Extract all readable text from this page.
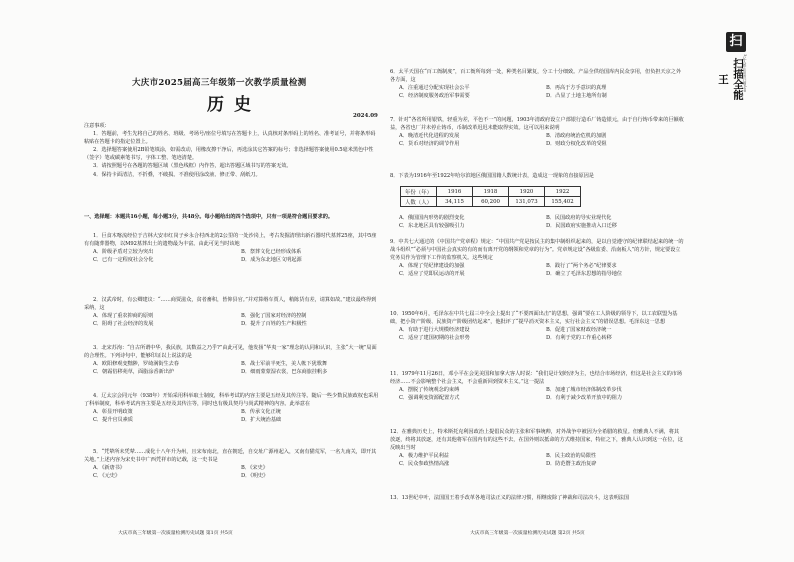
大庆市2025届高三年级第一次教学质量检测
历史
2024.09
注意事项：

1．答题前，考生先将自己的姓名、班级、考场号/座位号填写在答题卡上，认真核对条形码上的姓名、准考证号，并将条形码粘贴在答题卡的指定位置上。

2．选择题答案使用2B铅笔填涂，如需改动，用橡皮擦干净后，再选涂其它答案的标号；非选择题答案使用0.5毫米黑色中性（签字）笔或碳素笔书写，字体工整、笔迹清楚。

3．请按照题号在各题的答题区域（黑色线框）内作答，超出答题区域书写的答案无效。

4．保持卡面清洁，不折叠，不破损。不准使用涂改液、修正带、刮纸刀。

一、选择题：本题共16小题，每小题3分，共48分。每小题给出的四个选项中，只有一项是符合题目要求的。

1．巨食木喀流经位于吉林大安市红岗子乡永合村西北的2公里的一处沙岗上，考古发掘清理出新石器时代墓葬25座，其中5座有有随葬器物，以M92墓葬出土的遗物最为丰富。由此可见当时该地

A．阶级矛盾对立较为突出	B．祭葬文化已经形成体系
C．已有一定程度社会分化	D．成为东北地区文明起源

2．汉武帝时，有公卿建议：“……商贾滋众，贫者畜积，皆仰县官。”并对算缗车贾人，稍陈货有差，请算如故。”建议最终得到采纳，这

A．体现了重农抑商的原则	B．强化了国家对经济的控制
C．阻碍了社会经济的发展	D．提升了百姓的生产积极性

3．北宋苏洵：“自古所谓中华，我民族，其数益之乃乎?”由此可见，他发扬“华夷一家”理念的认同和认识，主张“大一统”局面的合理性。下列诗句中，能够印证以上说法的是

A．欧阳修观变黜陟，罗绮满街生去春	B．战士军前半死生，美人帐下犹歌舞
C．朝霜俗移苑草，面脂涂香新出炉	D．细雨蒙蒙湿衣裳，巴东商旅挂帆多

4．辽太宗会同元年（938年）开始采用科举取士制度，科举考试的内容主要是五经及其传注等。随后一些少数民族政权也采用了科举制度，科举考试内容主要是五经及其传注等，同时也有极具契丹与尚武精神的内容。此举意在

A．彰显开明政策	B．传承文化正统
C．提升官员素质	D．扩大统治基础

5．“凭辇所未凭辇……成化十八年升为州，且宋布南北，直在朝廷，自交址广源州起入，又南有猫荒军，一名九南关，即开其关地。”上述内容为宋史书中广西凭祥市的记载，这一史书是

A．《新唐书》	B．《宋史》
C．《元史》	D．《明史》

6．太平天国在“百工衙制度”，百工衙所每到一处，种类名目繁复，分工十分细致。产品全供给国库内民众享用，但负担天京之外各方面，这

A．注重通过分配实现社会公平	B．再高于方手意识的真理
C．经济制度服务政治军事需要	D．凸显了土地主地所有制

7．针对“各省所用银铁，轻重为差，平色不一”的问题，1903年清政府设立户部银行造币厂铸造银元，由于自行铸币带来的巨额收益，各省也厂并未停止铸币，币制改革迟迟未能取得实效。这可以用来说明

A．晚清近代化进程的发展	B．清政府统治危机的加剧
C．货币对经济的调节作用	D．财政分权化改革的受阻

8．下表为1916年至1922年哈尔滨地区俄国国籍人数统计表，造成这一现象的直接原因是

年份（年）	1916	1918	1920	1922
人数（人）	34,115	60,200	131,073	155,402
A．俄国国内形势的剧烈变化	B．民国政府的导实业现代化
C．东北地区具有较强吸引力	D．民国政府实施推动入口迁移

9．中共七大通过的《中国共产党章程》规定：“中国共产党是按民主的集中制组织起来的，是以自觉遵守的纪律联结起来的统一的战斗组织”“必须与中国社会真实的有的而有离开党的纲领和党章的行为”。党章规定设“各级监委、沿南板人”的方针，规定要设立党务员作为管理下工作的监察机关。这些规定

A．体现了党纪律建设的加强	B．践行了“两个务必”纪律要求
C．适应了党即民运动的开展	D．确立了毛泽东思想的指导地位

10．1950年6月，毛泽东在中共七届三中全会上提出了“不要四面出击”的思想，强调“要在工人阶级的领导下，以工农联盟为基础，把小资产阶级、民族资产阶级团结起来”，他批评了“提早消灭资本主义，实行社会主义”的错误思想。毛泽东这一思想

A．有助于进行大规模经济建设	B．促进了国家财政经济统一
C．适应了建国初期的社会形势	D．有利于党的工作重心转移

11．1979年11月26日，邓小平在会见美国和加拿大客人时说：“我们是计划经济为主，也结合市场经济，但这是社会主义的市场经济……不会影响整个社会主义，不会重新回到资本主义。”这一提法

A．摆脱了传统观念的束缚	B．加速了城市经济体制改革步伐
C．强调利变资源配置方式	D．有利于减少改革开放中的阻力

12．在雅典历史上，特米斯托克利因政治上提倡民众的主张和军事统帅，对外战争中被因为全希腊的救星。但雅典人不满，将其放逐，终将其放逐，还有其他将军在国内有的这些不去，在国外则以抵命的方式维持国家，特征之下，雅典人认识到这一在位，这反映出当时

A．极力维护平民利益	B．民主政治的局限性
C．民众参政热情高涨	D．防范僭主政治复辟

13．13世纪中叶，法国国王着手改革各地司法正义的法律习惯，相继废除了神裁和司法决斗，这表明法国

大庆市高三年级第一次质量检测历史试题 第1页 共5页	大庆市高三年级第一次质量检测历史试题 第2页 共5页
扫
扫描全能王	3亿人都在用的扫描App
